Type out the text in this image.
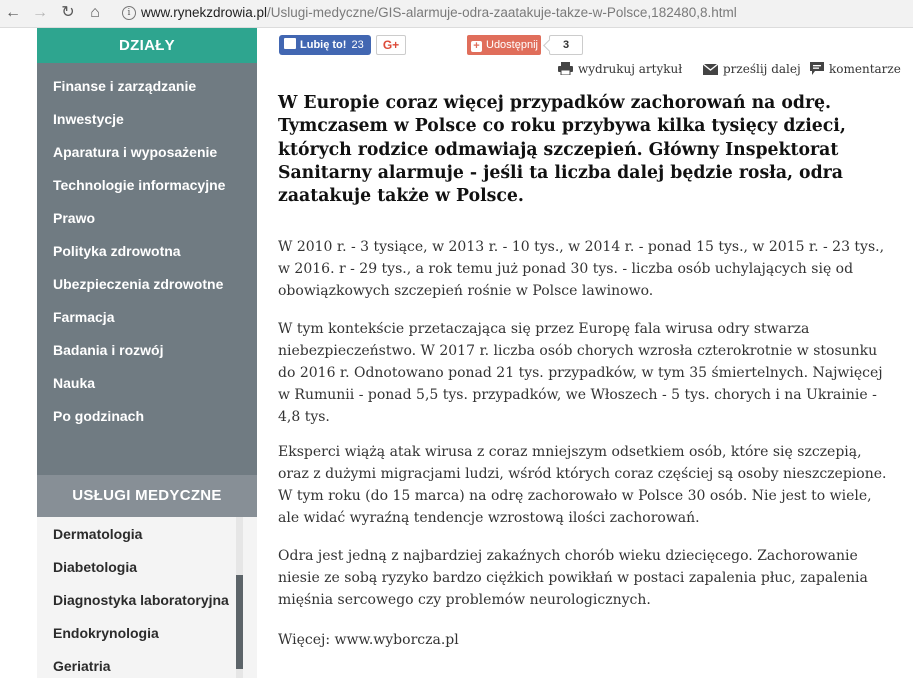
← → ↻ ⌂	i www.rynekzdrowia.pl/Uslugi-medyczne/GIS-alarmuje-odra-zaatakuje-takze-w-Polsce,182480,8.html
DZIAŁY
Finanse i zarządzanie
Inwestycje
Aparatura i wyposażenie
Technologie informacyjne
Prawo
Polityka zdrowotna
Ubezpieczenia zdrowotne
Farmacja
Badania i rozwój
Nauka
Po godzinach
USŁUGI MEDYCZNE
Dermatologia
Diabetologia
Diagnostyka laboratoryjna
Endokrynologia
Geriatria
Lubię to! 23	G+	+ Udostępnij	3
wydrukuj artykuł	prześlij dalej	komentarze
W Europie coraz więcej przypadków zachorowań na odrę. Tymczasem w Polsce co roku przybywa kilka tysięcy dzieci, których rodzice odmawiają szczepień. Główny Inspektorat Sanitarny alarmuje - jeśli ta liczba dalej będzie rosła, odra zaatakuje także w Polsce.
W 2010 r. - 3 tysiące, w 2013 r. - 10 tys., w 2014 r. - ponad 15 tys., w 2015 r. - 23 tys., w 2016. r - 29 tys., a rok temu już ponad 30 tys. - liczba osób uchylających się od obowiązkowych szczepień rośnie w Polsce lawinowo.
W tym kontekście przetaczająca się przez Europę fala wirusa odry stwarza niebezpieczeństwo. W 2017 r. liczba osób chorych wzrosła czterokrotnie w stosunku do 2016 r. Odnotowano ponad 21 tys. przypadków, w tym 35 śmiertelnych. Najwięcej w Rumunii - ponad 5,5 tys. przypadków, we Włoszech - 5 tys. chorych i na Ukrainie - 4,8 tys.
Eksperci wiążą atak wirusa z coraz mniejszym odsetkiem osób, które się szczepią, oraz z dużymi migracjami ludzi, wśród których coraz częściej są osoby nieszczepione. W tym roku (do 15 marca) na odrę zachorowało w Polsce 30 osób. Nie jest to wiele, ale widać wyraźną tendencje wzrostową ilości zachorowań.
Odra jest jedną z najbardziej zakaźnych chorób wieku dziecięcego. Zachorowanie niesie ze sobą ryzyko bardzo ciężkich powikłań w postaci zapalenia płuc, zapalenia mięśnia sercowego czy problemów neurologicznych.
Więcej: www.wyborcza.pl
